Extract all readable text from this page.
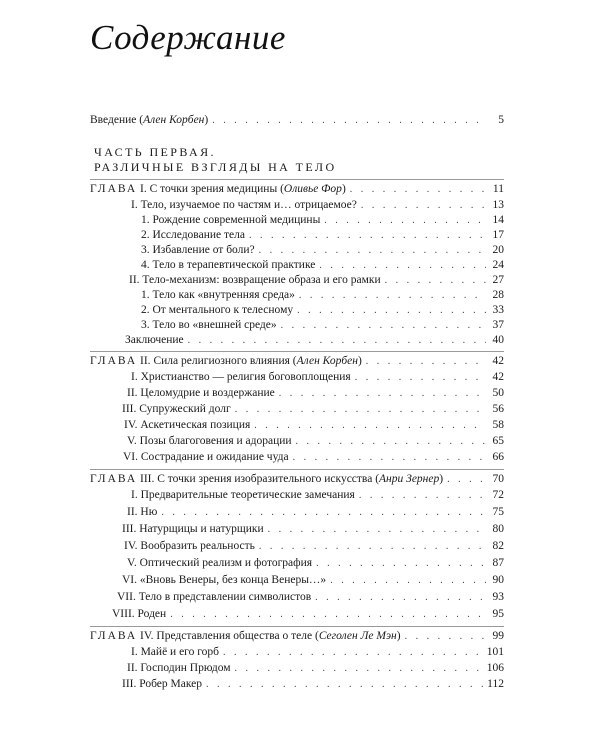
Содержание
Введение (Ален Корбен) . . .	5
ЧАСТЬ ПЕРВАЯ.
РАЗЛИЧНЫЕ ВЗГЛЯДЫ НА ТЕЛО
ГЛАВА I. С точки зрения медицины (Оливье Фор) . . .	11
I. Тело, изучаемое по частям и… отрицаемое? . . .	13
1. Рождение современной медицины . . .	14
2. Исследование тела . . .	17
3. Избавление от боли? . . .	20
4. Тело в терапевтической практике . . .	24
II. Тело-механизм: возвращение образа и его рамки . . .	27
1. Тело как «внутренняя среда» . . .	28
2. От ментального к телесному . . .	33
3. Тело во «внешней среде» . . .	37
Заключение . . .	40
ГЛАВА II. Сила религиозного влияния (Ален Корбен) . . .	42
I. Христианство — религия боговоплощения . . .	42
II. Целомудрие и воздержание . . .	50
III. Супружеский долг . . .	56
IV. Аскетическая позиция . . .	58
V. Позы благоговения и адорации . . .	65
VI. Сострадание и ожидание чуда . . .	66
ГЛАВА III. С точки зрения изобразительного искусства (Анри Зернер) . . .	70
I. Предварительные теоретические замечания . . .	72
II. Ню . . .	75
III. Натурщицы и натурщики . . .	80
IV. Вообразить реальность . . .	82
V. Оптический реализм и фотография . . .	87
VI. «Вновь Венеры, без конца Венеры…» . . .	90
VII. Тело в представлении символистов . . .	93
VIII. Роден . . .	95
ГЛАВА IV. Представления общества о теле (Сеголен Ле Мэн) . . .	99
I. Майё и его горб . . .	101
II. Господин Прюдом . . .	106
III. Робер Макер . . .	112
